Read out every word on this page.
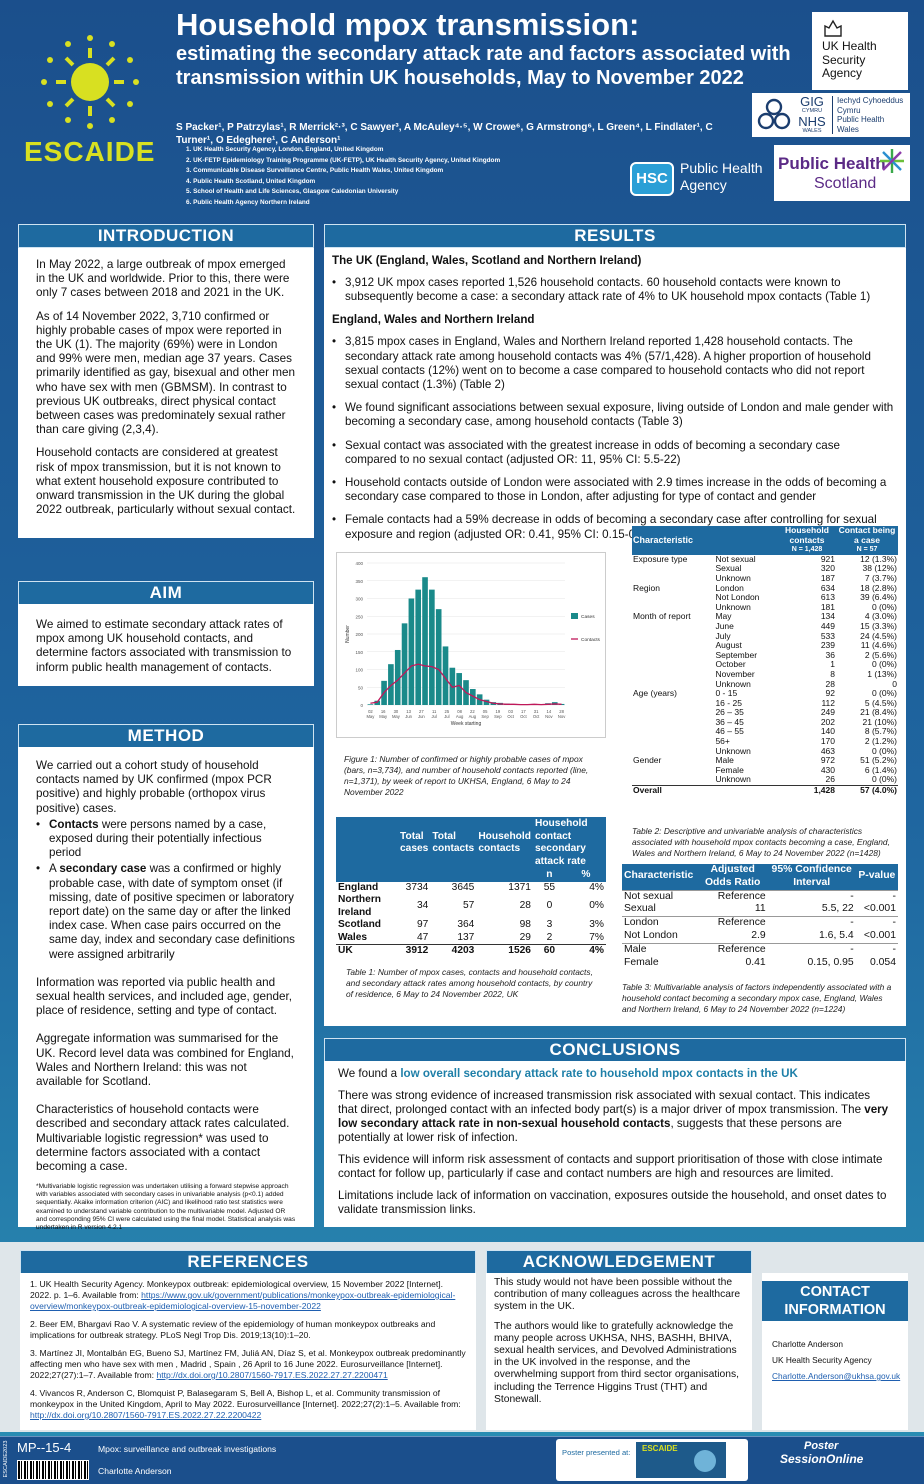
ESCAIDE
Household mpox transmission:
estimating the secondary attack rate and factors associated with transmission within UK households, May to November 2022
S Packer¹, P Patrzylas¹, R Merrick²·³, C Sawyer³, A McAuley⁴·⁵, W Crowe⁶, G Armstrong⁶, L Green⁴, L Findlater¹, C Turner¹, O Edeghere¹, C Anderson¹
1. UK Health Security Agency, London, England, United Kingdom
2. UK-FETP Epidemiology Training Programme (UK-FETP), UK Health Security Agency, United Kingdom
3. Communicable Disease Surveillance Centre, Public Health Wales, United Kingdom
4. Public Health Scotland, United Kingdom
5. School of Health and Life Sciences, Glasgow Caledonian University
6. Public Health Agency Northern Ireland
UK Health
Security
Agency
GIG
CYMRU
NHS
WALES
Iechyd Cyhoeddus
Cymru
Public Health
Wales
HSC
Public Health
Agency
Public Health
Scotland
INTRODUCTION
In May 2022, a large outbreak of mpox emerged in the UK and worldwide. Prior to this, there were only 7 cases between 2018 and 2021 in the UK.
As of 14 November 2022, 3,710 confirmed or highly probable cases of mpox were reported in the UK (1). The majority (69%) were in London and 99% were men, median age 37 years. Cases primarily identified as gay, bisexual and other men who have sex with men (GBMSM). In contrast to previous UK outbreaks, direct physical contact between cases was predominately sexual rather than care giving (2,3,4).
Household contacts are considered at greatest risk of mpox transmission, but it is not known to what extent household exposure contributed to onward transmission in the UK during the global 2022 outbreak, particularly without sexual contact.
AIM
We aimed to estimate secondary attack rates of mpox among UK household contacts, and determine factors associated with transmission to inform public health management of contacts.
METHOD
We carried out a cohort study of household contacts named by UK confirmed (mpox PCR positive) and highly probable (orthopox virus positive) cases.
• Contacts were persons named by a case, exposed during their potentially infectious period
• A secondary case was a confirmed or highly probable case, with date of symptom onset (if missing, date of positive specimen or laboratory report date) on the same day or after the linked index case. When case pairs occurred on the same day, index and secondary case definitions were assigned arbitrarily
Information was reported via public health and sexual health services, and included age, gender, place of residence, setting and type of contact.
Aggregate information was summarised for the UK. Record level data was combined for England, Wales and Northern Ireland: this was not available for Scotland.
Characteristics of household contacts were described and secondary attack rates calculated. Multivariable logistic regression* was used to determine factors associated with a contact becoming a case.
*Multivariable logistic regression was undertaken utilising a forward stepwise approach with variables associated with secondary cases in univariable analysis (p<0.1) added sequentially. Akaike information criterion (AIC) and likelihood ratio test statistics were examined to understand variable contribution to the multivariable model. Adjusted OR and corresponding 95% CI were calculated using the final model. Statistical analysis was undertaken in R version 4.2.1
RESULTS
The UK (England, Wales, Scotland and Northern Ireland)
• 3,912 UK mpox cases reported 1,526 household contacts. 60 household contacts were known to subsequently become a case: a secondary attack rate of 4% to UK household mpox contacts (Table 1)
England, Wales and Northern Ireland
• 3,815 mpox cases in England, Wales and Northern Ireland reported 1,428 household contacts. The secondary attack rate among household contacts was 4% (57/1,428). A higher proportion of household sexual contacts (12%) went on to become a case compared to household contacts who did not report sexual contact (1.3%) (Table 2)
• We found significant associations between sexual exposure, living outside of London and male gender with becoming a secondary case, among household contacts (Table 3)
• Sexual contact was associated with the greatest increase in odds of becoming a secondary case compared to no sexual contact (adjusted OR: 11, 95% CI: 5.5-22)
• Household contacts outside of London were associated with 2.9 times increase in the odds of becoming a secondary case compared to those in London, after adjusting for type of contact and gender
• Female contacts had a 59% decrease in odds of becoming a secondary case after controlling for sexual exposure and region (adjusted OR: 0.41, 95% CI: 0.15-0.95)
0
50
100
150
200
250
300
350
400
02
May
16
May
30
May
13
Jun
27
Jun
11
Jul
25
Jul
08
Aug
22
Aug
05
Sep
19
Sep
03
Oct
17
Oct
31
Oct
14
Nov
28
Nov
Week starting
Number
Cases
Contacts
Figure 1: Number of confirmed or highly probable cases of mpox (bars, n=3,734), and number of household contacts reported (line, n=1,371), by week of report to UKHSA, England, 6 May to 24 November 2022
	Total cases	Total contacts	Household contacts	Household contact secondary attack rate	
				n	%
England	3734	3645	1371	55	4%
Northern Ireland	34	57	28	0	0%
Scotland	97	364	98	3	3%
Wales	47	137	29	2	7%
UK	3912	4203	1526	60	4%
Table 1: Number of mpox cases, contacts and household contacts, and secondary attack rates among household contacts, by country of residence, 6 May to 24 November 2022, UK
Characteristic		Household contacts	Contact being a case
		N = 1,428	N = 57
Exposure type	Not sexual	921	12 (1.3%)
	Sexual	320	38 (12%)
	Unknown	187	7 (3.7%)
Region	London	634	18 (2.8%)
	Not London	613	39 (6.4%)
	Unknown	181	0 (0%)
Month of report	May	134	4 (3.0%)
	June	449	15 (3.3%)
	July	533	24 (4.5%)
	August	239	11 (4.6%)
	September	36	2 (5.6%)
	October	1	0 (0%)
	November	8	1 (13%)
	Unknown	28	0
Age (years)	0 - 15	92	0 (0%)
	16 - 25	112	5 (4.5%)
	26 – 35	249	21 (8.4%)
	36 – 45	202	21 (10%)
	46 – 55	140	8 (5.7%)
	56+	170	2 (1.2%)
	Unknown	463	0 (0%)
Gender	Male	972	51 (5.2%)
	Female	430	6 (1.4%)
	Unknown	26	0 (0%)
Overall		1,428	57 (4.0%)
Table 2: Descriptive and univariable analysis of characteristics associated with household mpox contacts becoming a case, England, Wales and Northern Ireland, 6 May to 24 November 2022 (n=1428)
Characteristic	Adjusted Odds Ratio	95% Confidence Interval	P-value
Not sexual	Reference	-	-
Sexual	11	5.5, 22	<0.001
London	Reference	-	-
Not London	2.9	1.6, 5.4	<0.001
Male	Reference	-	-
Female	0.41	0.15, 0.95	0.054
Table 3: Multivariable analysis of factors independently associated with a household contact becoming a secondary mpox case, England, Wales and Northern Ireland, 6 May to 24 November 2022 (n=1224)
CONCLUSIONS
We found a low overall secondary attack rate to household mpox contacts in the UK
There was strong evidence of increased transmission risk associated with sexual contact. This indicates that direct, prolonged contact with an infected body part(s) is a major driver of mpox transmission. The very low secondary attack rate in non-sexual household contacts, suggests that these persons are potentially at lower risk of infection.
This evidence will inform risk assessment of contacts and support prioritisation of those with close intimate contact for follow up, particularly if case and contact numbers are high and resources are limited.
Limitations include lack of information on vaccination, exposures outside the household, and onset dates to validate transmission links.
REFERENCES
1. UK Health Security Agency. Monkeypox outbreak: epidemiological overview, 15 November 2022 [Internet]. 2022. p. 1–6. Available from: https://www.gov.uk/government/publications/monkeypox-outbreak-epidemiological-overview/monkeypox-outbreak-epidemiological-overview-15-november-2022
2. Beer EM, Bhargavi Rao V. A systematic review of the epidemiology of human monkeypox outbreaks and implications for outbreak strategy. PLoS Negl Trop Dis. 2019;13(10):1–20.
3. Martínez JI, Montalbán EG, Bueno SJ, Martínez FM, Juliá AN, Díaz S, et al. Monkeypox outbreak predominantly affecting men who have sex with men , Madrid , Spain , 26 April to 16 June 2022. Eurosurveillance [Internet]. 2022;27(27):1–7. Available from: http://dx.doi.org/10.2807/1560-7917.ES.2022.27.27.2200471
4. Vivancos R, Anderson C, Blomquist P, Balasegaram S, Bell A, Bishop L, et al. Community transmission of monkeypox in the United Kingdom, April to May 2022. Eurosurveillance [Internet]. 2022;27(2):1–5. Available from: http://dx.doi.org/10.2807/1560-7917.ES.2022.27.22.2200422
ACKNOWLEDGEMENT
This study would not have been possible without the contribution of many colleagues across the healthcare system in the UK.
The authors would like to gratefully acknowledge the many people across UKHSA, NHS, BASHH, BHIVA, sexual health services, and Devolved Administrations in the UK involved in the response, and the overwhelming support from third sector organisations, including the Terrence Higgins Trust (THT) and Stonewall.
CONTACT INFORMATION
Charlotte Anderson
UK Health Security Agency
Charlotte.Anderson@ukhsa.gov.uk
ESCAIDE2023 MP--15-4	Mpox: surveillance and outbreak investigations
Charlotte Anderson
Poster presented at:	ESCAIDE	Poster
SessionOnline
